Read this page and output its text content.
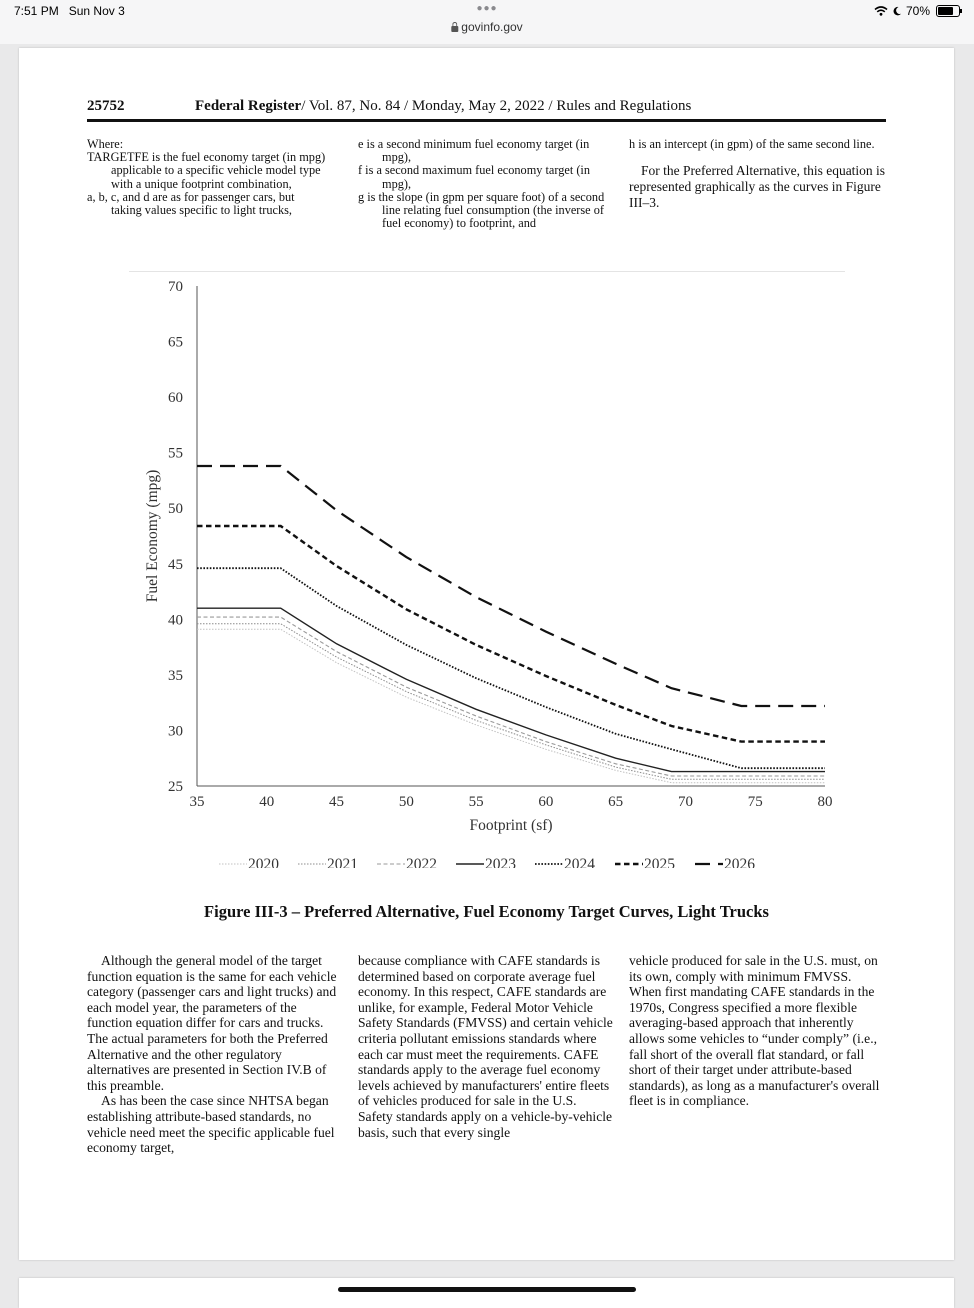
7:51 PM Sun Nov 3	●●●
govinfo.gov
70%
25752	Federal Register/ Vol. 87, No. 84 / Monday, May 2, 2022 / Rules and Regulations

Where:

TARGETFE is the fuel economy target (in mpg) applicable to a specific vehicle model type with a unique footprint combination,

a, b, c, and d are as for passenger cars, but taking values specific to light trucks,

e is a second minimum fuel economy target (in mpg),

f is a second maximum fuel economy target (in mpg),

g is the slope (in gpm per square foot) of a second line relating fuel consumption (the inverse of fuel economy) to footprint, and

h is an intercept (in gpm) of the same second line.

For the Preferred Alternative, this equation is represented graphically as the curves in Figure III–3.

Figure III-3 – Preferred Alternative, Fuel Economy Target Curves, Light Trucks

Although the general model of the target function equation is the same for each vehicle category (passenger cars and light trucks) and each model year, the parameters of the function equation differ for cars and trucks. The actual parameters for both the Preferred Alternative and the other regulatory alternatives are presented in Section IV.B of this preamble.

As has been the case since NHTSA began establishing attribute-based standards, no vehicle need meet the specific applicable fuel economy target,

because compliance with CAFE standards is determined based on corporate average fuel economy. In this respect, CAFE standards are unlike, for example, Federal Motor Vehicle Safety Standards (FMVSS) and certain vehicle criteria pollutant emissions standards where each car must meet the requirements. CAFE standards apply to the average fuel economy levels achieved by manufacturers' entire fleets of vehicles produced for sale in the U.S. Safety standards apply on a vehicle-by-vehicle basis, such that every single

vehicle produced for sale in the U.S. must, on its own, comply with minimum FMVSS. When first mandating CAFE standards in the 1970s, Congress specified a more flexible averaging-based approach that inherently allows some vehicles to “under comply” (i.e., fall short of the overall flat standard, or fall short of their target under attribute-based standards), as long as a manufacturer's overall fleet is in compliance.

35	40	45	50	55	60	65	70	75	80
25
30
35
40
45
50
55
60
65
70
Footprint (sf)
Fuel Economy (mpg)
2020	2021	2022	2023	2024	2025	2026
